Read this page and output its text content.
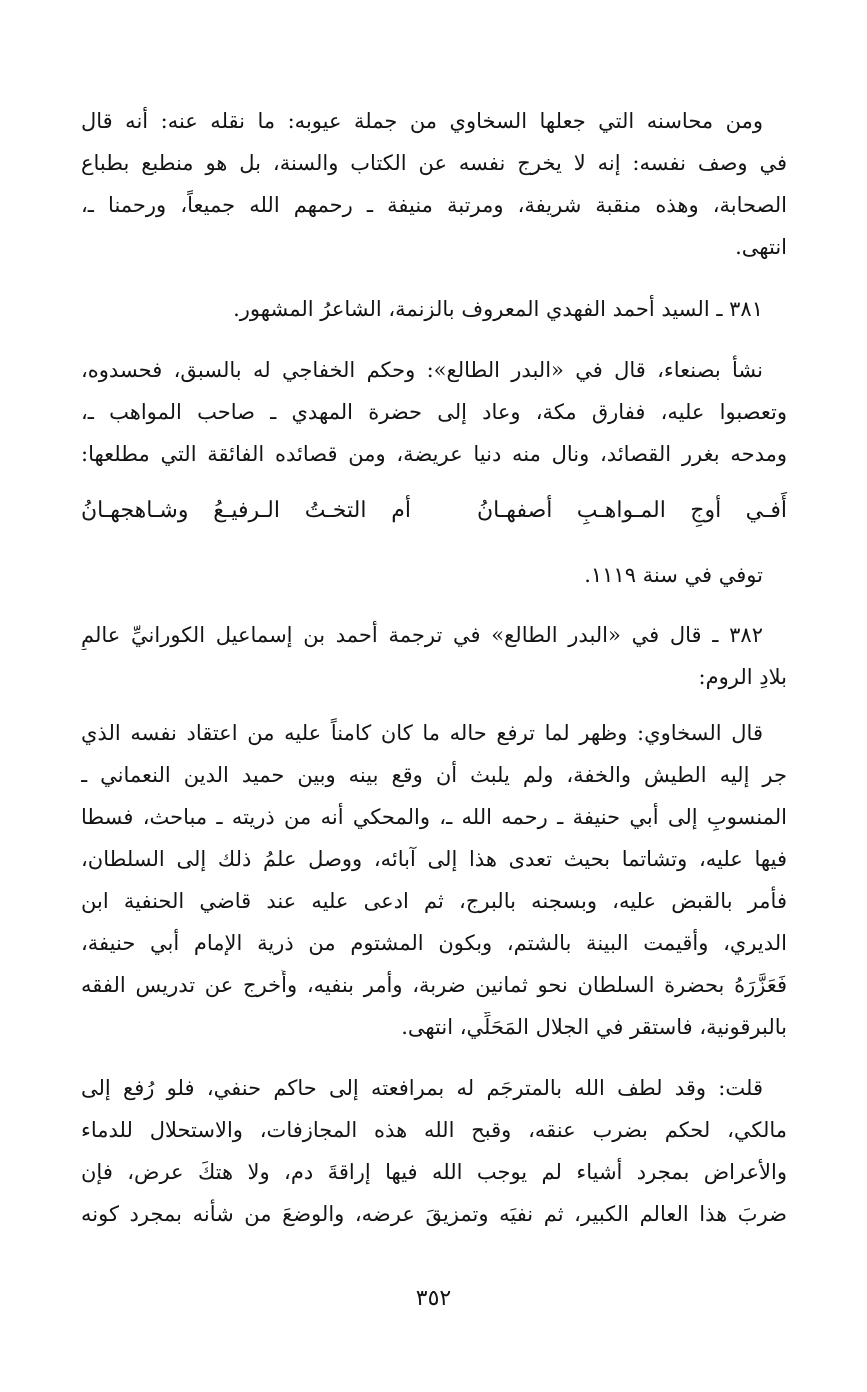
ومن محاسنه التي جعلها السخاوي من جملة عيوبه: ما نقله عنه: أنه قال
في وصف نفسه: إنه لا يخرج نفسه عن الكتاب والسنة، بل هو منطبع بطباع
الصحابة، وهذه منقبة شريفة، ومرتبة منيفة ـ رحمهم الله جميعاً، ورحمنا ـ،
انتهى.
٣٨١ ـ السيد أحمد الفهدي المعروف بالزنمة، الشاعرُ المشهور.
نشأ بصنعاء، قال في «البدر الطالع»: وحكم الخفاجي له بالسبق، فحسدوه،
وتعصبوا عليه، ففارق مكة، وعاد إلى حضرة المهدي ـ صاحب المواهب ـ،
ومدحه بغرر القصائد، ونال منه دنيا عريضة، ومن قصائده الفائقة التي مطلعها:
أَفـي أوجِ المـواهـبِ أصفهـانُ
أم التخـتُ الـرفيـعُ وشـاهجهـانُ
توفي في سنة ١١١٩.
٣٨٢ ـ قال في «البدر الطالع» في ترجمة أحمد بن إسماعيل الكورانيِّ عالمِ
بلادِ الروم:
قال السخاوي: وظهر لما ترفع حاله ما كان كامناً عليه من اعتقاد نفسه الذي
جر إليه الطيش والخفة، ولم يلبث أن وقع بينه وبين حميد الدين النعماني ـ
المنسوبِ إلى أبي حنيفة ـ رحمه الله ـ، والمحكي أنه من ذريته ـ مباحث، فسطا
فيها عليه، وتشاتما بحيث تعدى هذا إلى آبائه، ووصل علمُ ذلك إلى السلطان،
فأمر بالقبض عليه، وبسجنه بالبرج، ثم ادعى عليه عند قاضي الحنفية ابن
الديري، وأقيمت البينة بالشتم، وبكون المشتوم من ذرية الإمام أبي حنيفة،
فَعَزَّرَهُ بحضرة السلطان نحو ثمانين ضربة، وأمر بنفيه، وأُخرج عن تدريس الفقه
بالبرقونية، فاستقر في الجلال المَحَلِّي، انتهى.
قلت: وقد لطف الله بالمترجَم له بمرافعته إلى حاكم حنفي، فلو رُفع إلى
مالكي، لحكم بضرب عنقه، وقبح الله هذه المجازفات، والاستحلال للدماء
والأعراض بمجرد أشياء لم يوجب الله فيها إراقةَ دم، ولا هتكَ عرض، فإن
ضربَ هذا العالم الكبير، ثم نفيَه وتمزيقَ عرضه، والوضعَ من شأنه بمجرد كونه
٣٥٢
